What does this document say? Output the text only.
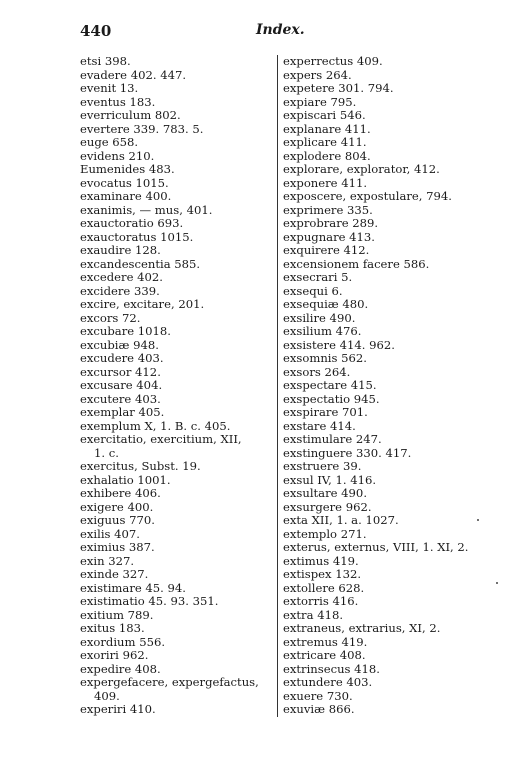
440	Index.
etsi 398.
evadere 402. 447.
evenit 13.
eventus 183.
everriculum 802.
evertere 339. 783. 5.
euge 658.
evidens 210.
Eumenides 483.
evocatus 1015.
examinare 400.
exanimis, — mus, 401.
exauctoratio 693.
exauctoratus 1015.
exaudire 128.
excandescentia 585.
excedere 402.
excidere 339.
excire, excitare, 201.
excors 72.
excubare 1018.
excubiæ 948.
excudere 403.
excursor 412.
excusare 404.
excutere 403.
exemplar 405.
exemplum X, 1. B. c. 405.
exercitatio, exercitium, XII,
1. c.
exercitus, Subst. 19.
exhalatio 1001.
exhibere 406.
exigere 400.
exiguus 770.
exilis 407.
eximius 387.
exin 327.
exinde 327.
existimare 45. 94.
existimatio 45. 93. 351.
exitium 789.
exitus 183.
exordium 556.
exoriri 962.
expedire 408.
expergefacere, expergefactus,
409.
experiri 410.
experrectus 409.
expers 264.
expetere 301. 794.
expiare 795.
expiscari 546.
explanare 411.
explicare 411.
explodere 804.
explorare, explorator, 412.
exponere 411.
exposcere, expostulare, 794.
exprimere 335.
exprobrare 289.
expugnare 413.
exquirere 412.
excensionem facere 586.
exsecrari 5.
exsequi 6.
exsequiæ 480.
exsilire 490.
exsilium 476.
exsistere 414. 962.
exsomnis 562.
exsors 264.
exspectare 415.
exspectatio 945.
exspirare 701.
exstare 414.
exstimulare 247.
exstinguere 330. 417.
exstruere 39.
exsul IV, 1. 416.
exsultare 490.
exsurgere 962.
exta XII, 1. a. 1027.
extemplo 271.
exterus, externus, VIII, 1. XI, 2.
extimus 419.
extispex 132.
extollere 628.
extorris 416.
extra 418.
extraneus, extrarius, XI, 2.
extremus 419.
extricare 408.
extrinsecus 418.
extundere 403.
exuere 730.
exuviæ 866.
